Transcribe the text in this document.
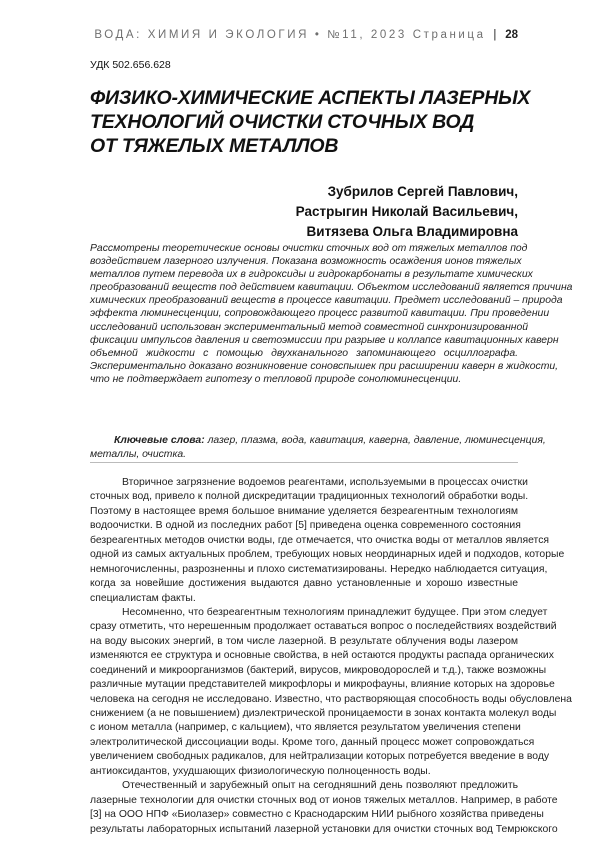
ВОДА: ХИМИЯ И ЭКОЛОГИЯ • №11, 2023 Страница | 28
УДК 502.656.628
ФИЗИКО-ХИМИЧЕСКИЕ АСПЕКТЫ ЛАЗЕРНЫХ
ТЕХНОЛОГИЙ ОЧИСТКИ СТОЧНЫХ ВОД
ОТ ТЯЖЕЛЫХ МЕТАЛЛОВ
Зубрилов Сергей Павлович,
Растрыгин Николай Васильевич,
Витязева Ольга Владимировна
Рассмотрены теоретические основы очистки сточных вод от тяжелых металлов под
воздействием лазерного излучения. Показана возможность осаждения ионов тяжелых
металлов путем перевода их в гидроксиды и гидрокарбонаты в результате химических
преобразований веществ под действием кавитации. Объектом исследований является причина
химических преобразований веществ в процессе кавитации. Предмет исследований – природа
эффекта люминесценции, сопровождающего процесс развитой кавитации. При проведении
исследований использован экспериментальный метод совместной синхронизированной
фиксации импульсов давления и светоэмиссии при разрыве и коллапсе кавитационных каверн
объемной жидкости с помощью двухканального запоминающего осциллографа.
Экспериментально доказано возникновение соновспышек при расширении каверн в жидкости,
что не подтверждает гипотезу о тепловой природе сонолюминесценции.
Ключевые слова: лазер, плазма, вода, кавитация, каверна, давление, люминесценция,
металлы, очистка.
Вторичное загрязнение водоемов реагентами, используемыми в процессах очистки
сточных вод, привело к полной дискредитации традиционных технологий обработки воды.
Поэтому в настоящее время большое внимание уделяется безреагентным технологиям
водоочистки. В одной из последних работ [5] приведена оценка современного состояния
безреагентных методов очистки воды, где отмечается, что очистка воды от металлов является
одной из самых актуальных проблем, требующих новых неординарных идей и подходов, которые
немногочисленны, разрозненны и плохо систематизированы. Нередко наблюдается ситуация,
когда за новейшие достижения выдаются давно установленные и хорошо известные
специалистам факты.
Несомненно, что безреагентным технологиям принадлежит будущее. При этом следует
сразу отметить, что нерешенным продолжает оставаться вопрос о последействиях воздействий
на воду высоких энергий, в том числе лазерной. В результате облучения воды лазером
изменяются ее структура и основные свойства, в ней остаются продукты распада органических
соединений и микроорганизмов (бактерий, вирусов, микроводорослей и т.д.), также возможны
различные мутации представителей микрофлоры и микрофауны, влияние которых на здоровье
человека на сегодня не исследовано. Известно, что растворяющая способность воды обусловлена
снижением (а не повышением) диэлектрической проницаемости в зонах контакта молекул воды
с ионом металла (например, с кальцием), что является результатом увеличения степени
электролитической диссоциации воды. Кроме того, данный процесс может сопровождаться
увеличением свободных радикалов, для нейтрализации которых потребуется введение в воду
антиоксидантов, ухудшающих физиологическую полноценность воды.
Отечественный и зарубежный опыт на сегодняшний день позволяют предложить
лазерные технологии для очистки сточных вод от ионов тяжелых металлов. Например, в работе
[3] на ООО НПФ «Биолазер» совместно с Краснодарским НИИ рыбного хозяйства приведены
результаты лабораторных испытаний лазерной установки для очистки сточных вод Темрюкского
